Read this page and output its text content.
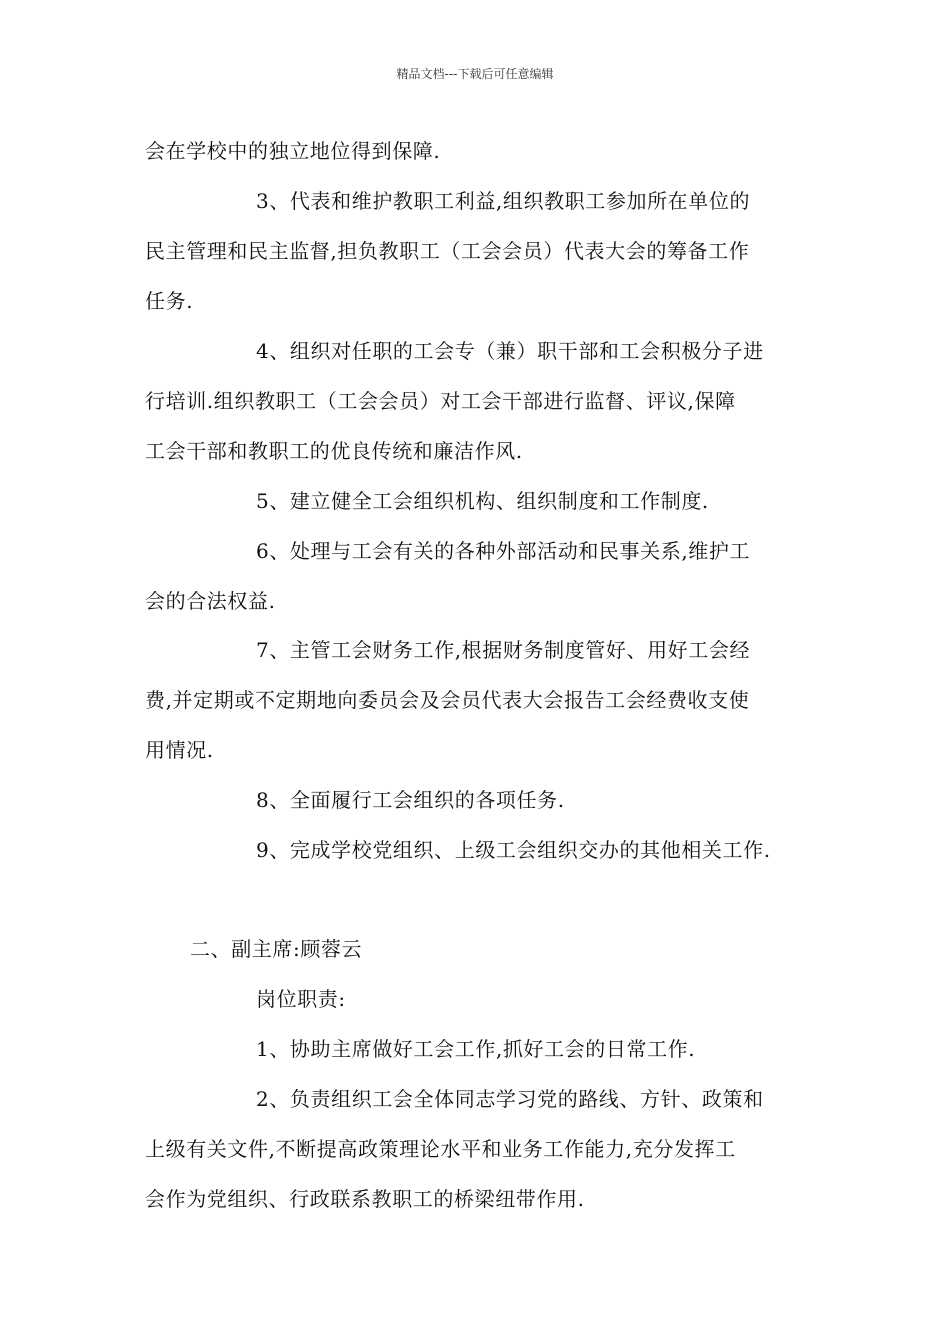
精品文档---下载后可任意编辑
会在学校中的独立地位得到保障.
3、代表和维护教职工利益,组织教职工参加所在单位的
民主管理和民主监督,担负教职工（工会会员）代表大会的筹备工作
任务.
4、组织对任职的工会专（兼）职干部和工会积极分子进
行培训.组织教职工（工会会员）对工会干部进行监督、评议,保障
工会干部和教职工的优良传统和廉洁作风.
5、建立健全工会组织机构、组织制度和工作制度.
6、处理与工会有关的各种外部活动和民事关系,维护工
会的合法权益.
7、主管工会财务工作,根据财务制度管好、用好工会经
费,并定期或不定期地向委员会及会员代表大会报告工会经费收支使
用情况.
8、全面履行工会组织的各项任务.
9、完成学校党组织、上级工会组织交办的其他相关工作.
二、副主席:顾蓉云
岗位职责:
1、协助主席做好工会工作,抓好工会的日常工作.
2、负责组织工会全体同志学习党的路线、方针、政策和
上级有关文件,不断提高政策理论水平和业务工作能力,充分发挥工
会作为党组织、行政联系教职工的桥梁纽带作用.
